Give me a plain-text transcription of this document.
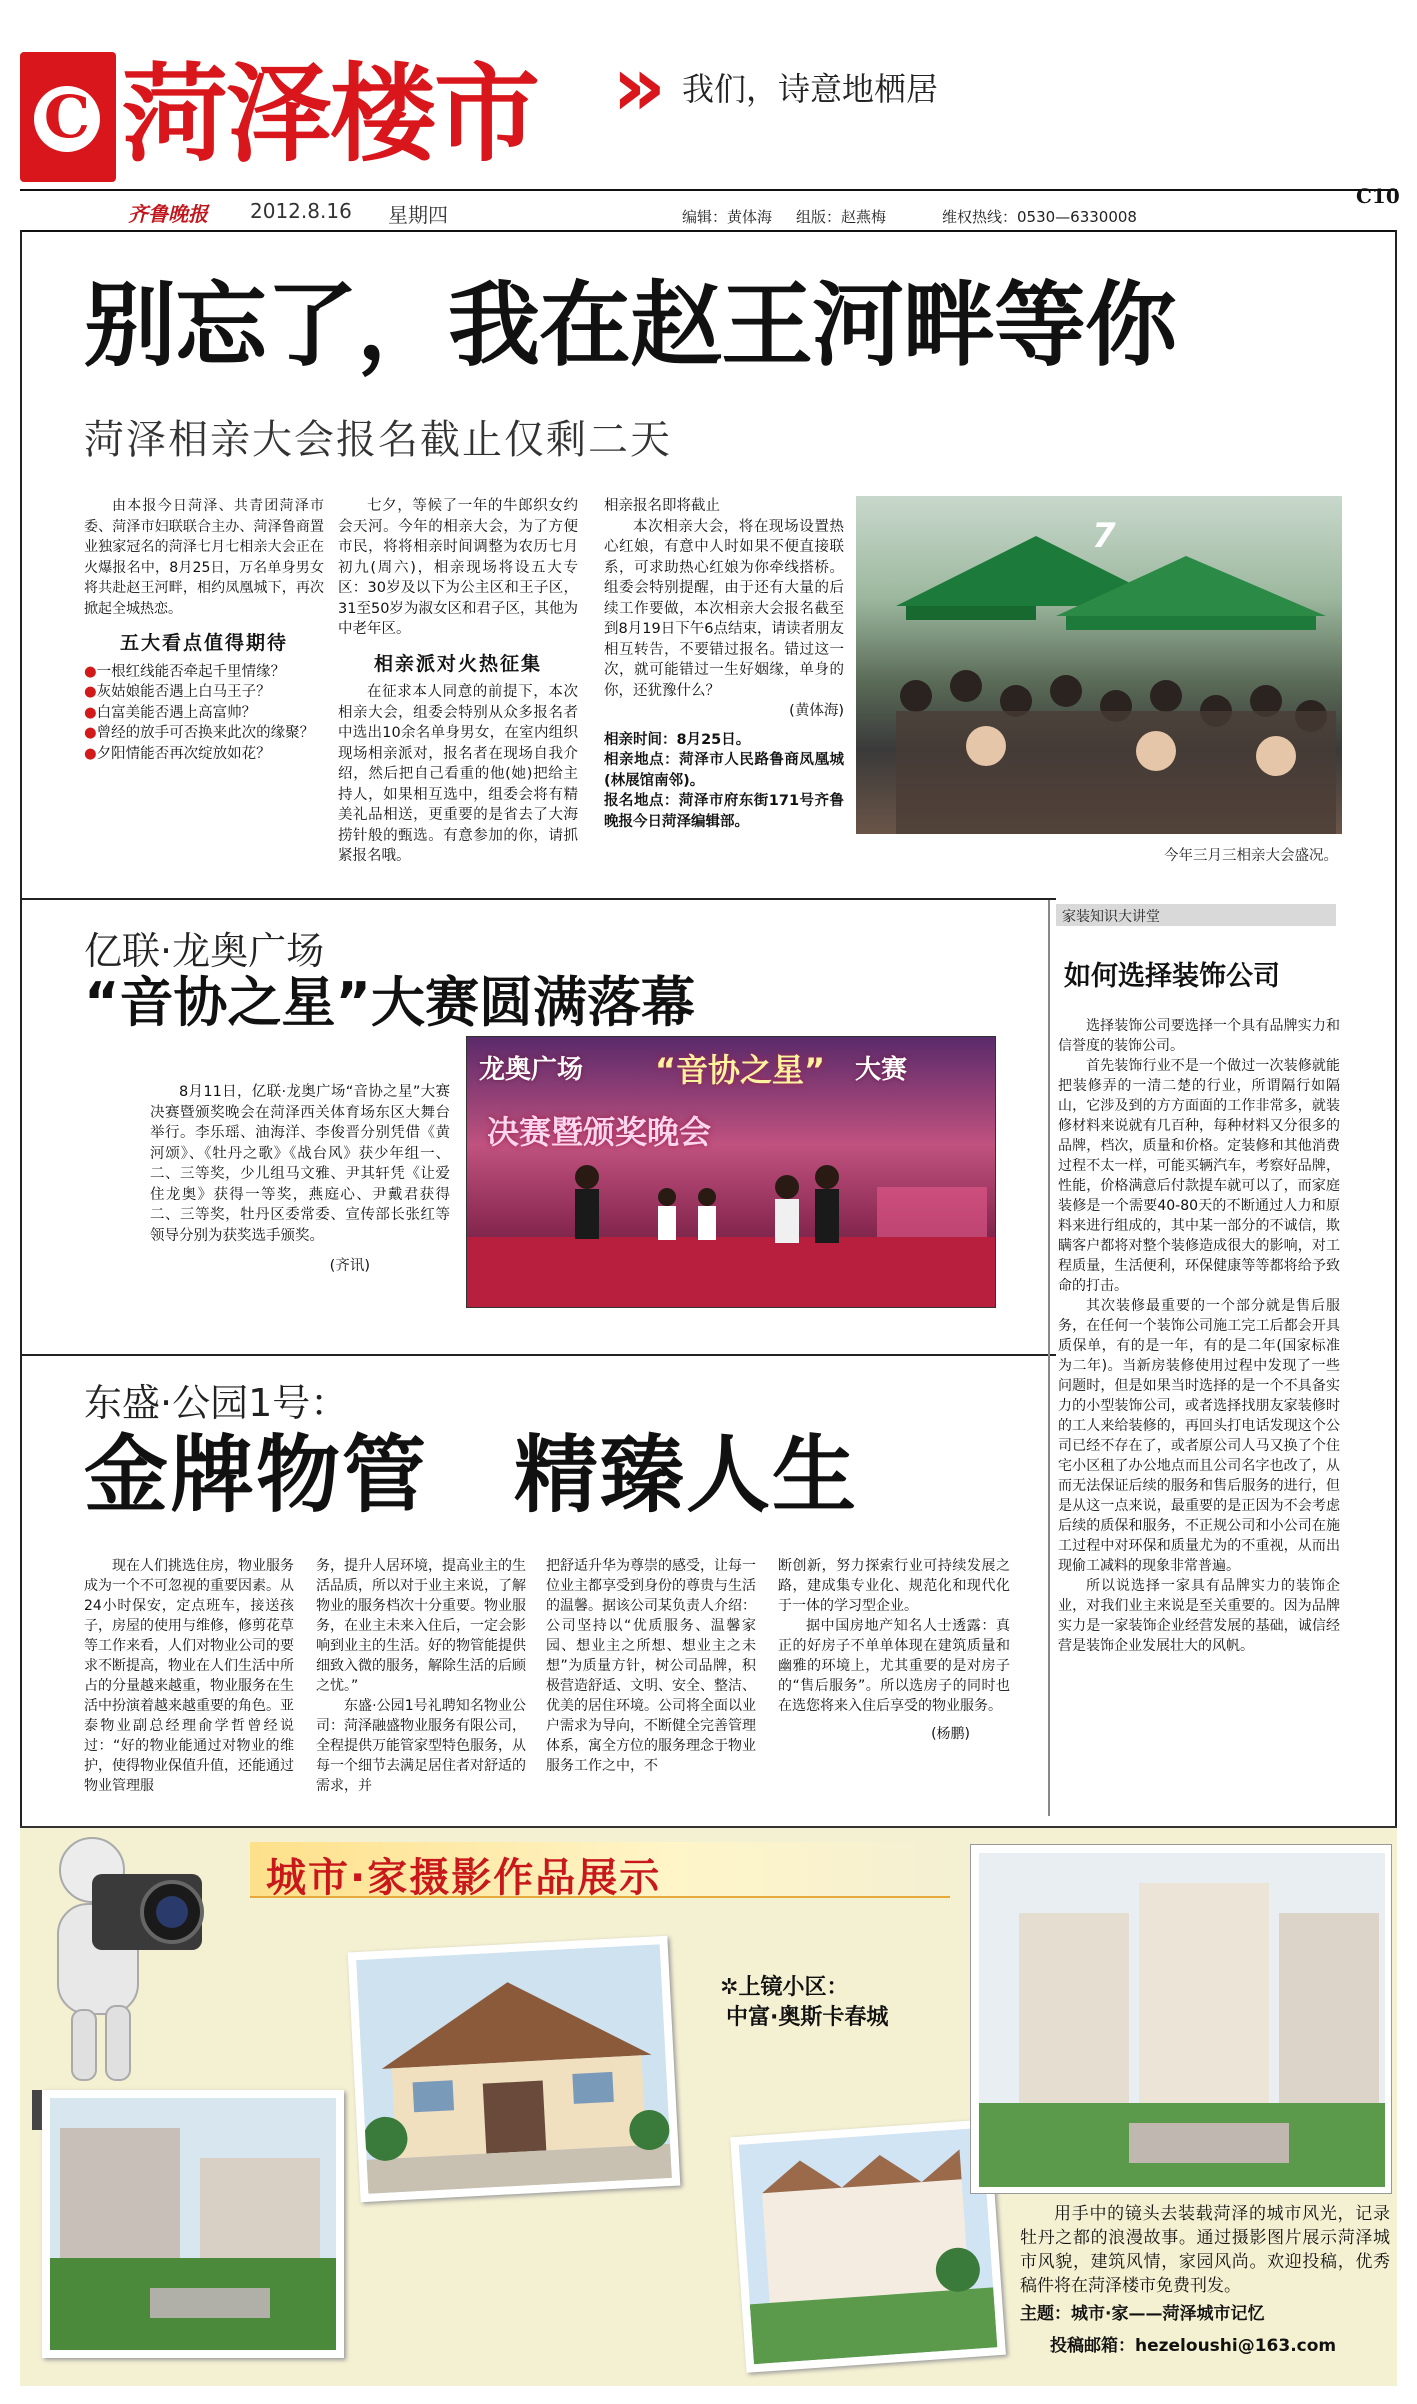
C 菏泽楼市 » 我们，诗意地栖居
齐鲁晚报 2012.8.16 星期四	编辑：黄体海 组版：赵燕梅	维权热线：0530—6330008
C10
别忘了，我在赵王河畔等你
菏泽相亲大会报名截止仅剩二天

由本报今日菏泽、共青团菏泽市委、菏泽市妇联联合主办、菏泽鲁商置业独家冠名的菏泽七月七相亲大会正在火爆报名中，8月25日，万名单身男女将共赴赵王河畔，相约凤凰城下，再次掀起全城热恋。

五大看点值得期待

●一根红线能否牵起千里情缘？

●灰姑娘能否遇上白马王子？

●白富美能否遇上高富帅？

●曾经的放手可否换来此次的缘聚？

●夕阳情能否再次绽放如花？

七夕，等候了一年的牛郎织女约会天河。今年的相亲大会，为了方便市民，将将相亲时间调整为农历七月初九(周六)，相亲现场将设五大专区：30岁及以下为公主区和王子区，31至50岁为淑女区和君子区，其他为中老年区。

相亲派对火热征集

在征求本人同意的前提下，本次相亲大会，组委会特别从众多报名者中选出10余名单身男女，在室内组织现场相亲派对，报名者在现场自我介绍，然后把自己看重的他(她)把给主持人，如果相互选中，组委会将有精美礼品相送，更重要的是省去了大海捞针般的甄选。有意参加的你，请抓紧报名哦。

相亲报名即将截止

本次相亲大会，将在现场设置热心红娘，有意中人时如果不便直接联系，可求助热心红娘为你牵线搭桥。组委会特别提醒，由于还有大量的后续工作要做，本次相亲大会报名截至到8月19日下午6点结束，请读者朋友相互转告，不要错过报名。错过这一次，就可能错过一生好姻缘，单身的你，还犹豫什么？

(黄体海)

相亲时间：8月25日。

相亲地点：菏泽市人民路鲁商凤凰城(林展馆南邻)。

报名地点：菏泽市府东街171号齐鲁晚报今日菏泽编辑部。

7
今年三月三相亲大会盛况。
亿联·龙奥广场
“音协之星”大赛圆满落幕

8月11日，亿联·龙奥广场“音协之星”大赛决赛暨颁奖晚会在菏泽西关体育场东区大舞台举行。李乐瑶、油海洋、李俊晋分别凭借《黄河颂》、《牡丹之歌》《战台风》获少年组一、二、三等奖，少儿组马文雅、尹其轩凭《让爱住龙奥》获得一等奖，燕庭心、尹戴君获得二、三等奖，牡丹区委常委、宣传部长张红等领导分别为获奖选手颁奖。

(齐讯)

龙奥广场 “音协之星” 大赛
决赛暨颁奖晚会
家装知识大讲堂
如何选择装饰公司

选择装饰公司要选择一个具有品牌实力和信誉度的装饰公司。

首先装饰行业不是一个做过一次装修就能把装修弄的一清二楚的行业，所谓隔行如隔山，它涉及到的方方面面的工作非常多，就装修材料来说就有几百种，每种材料又分很多的品牌，档次，质量和价格。定装修和其他消费过程不太一样，可能买辆汽车，考察好品牌，性能，价格满意后付款提车就可以了，而家庭装修是一个需要40-80天的不断通过人力和原料来进行组成的，其中某一部分的不诚信，欺瞒客户都将对整个装修造成很大的影响，对工程质量，生活便利，环保健康等等都将给予致命的打击。

其次装修最重要的一个部分就是售后服务，在任何一个装饰公司施工完工后都会开具质保单，有的是一年，有的是二年(国家标准为二年)。当新房装修使用过程中发现了一些问题时，但是如果当时选择的是一个不具备实力的小型装饰公司，或者选择找朋友家装修时的工人来给装修的，再回头打电话发现这个公司已经不存在了，或者原公司人马又换了个住宅小区租了办公地点而且公司名字也改了，从而无法保证后续的服务和售后服务的进行，但是从这一点来说，最重要的是正因为不会考虑后续的质保和服务，不正规公司和小公司在施工过程中对环保和质量尤为的不重视，从而出现偷工减料的现象非常普遍。

所以说选择一家具有品牌实力的装饰企业，对我们业主来说是至关重要的。因为品牌实力是一家装饰企业经营发展的基础，诚信经营是装饰企业发展壮大的风帆。

东盛·公园1号：
金牌物管　精臻人生

现在人们挑选住房，物业服务成为一个不可忽视的重要因素。从24小时保安，定点班车，接送孩子，房屋的使用与维修，修剪花草等工作来看，人们对物业公司的要求不断提高，物业在人们生活中所占的分量越来越重，物业服务在生活中扮演着越来越重要的角色。亚泰物业副总经理俞学哲曾经说过：“好的物业能通过对物业的维护，使得物业保值升值，还能通过物业管理服

务，提升人居环境，提高业主的生活品质，所以对于业主来说，了解物业的服务档次十分重要。物业服务，在业主未来入住后，一定会影响到业主的生活。好的物管能提供细致入微的服务，解除生活的后顾之忧。”

东盛·公园1号礼聘知名物业公司：菏泽融盛物业服务有限公司，全程提供万能管家型特色服务，从每一个细节去满足居住者对舒适的需求，并

把舒适升华为尊崇的感受，让每一位业主都享受到身份的尊贵与生活的温馨。据该公司某负责人介绍：公司坚持以“优质服务、温馨家园、想业主之所想、想业主之未想”为质量方针，树公司品牌，积极营造舒适、文明、安全、整洁、优美的居住环境。公司将全面以业户需求为导向，不断健全完善管理体系，寓全方位的服务理念于物业服务工作之中，不

断创新，努力探索行业可持续发展之路，建成集专业化、规范化和现代化于一体的学习型企业。

据中国房地产知名人士透露：真正的好房子不单单体现在建筑质量和幽雅的环境上，尤其重要的是对房子的“售后服务”。所以选房子的同时也在选您将来入住后享受的物业服务。

(杨鹏)

城市·家摄影作品展示
✲上镜小区：
中富·奥斯卡春城

用手中的镜头去装载菏泽的城市风光，记录牡丹之都的浪漫故事。通过摄影图片展示菏泽城市风貌，建筑风情，家园风尚。欢迎投稿，优秀稿件将在菏泽楼市免费刊发。

主题：城市·家——菏泽城市记忆

投稿邮箱：hezeloushi@163.com
